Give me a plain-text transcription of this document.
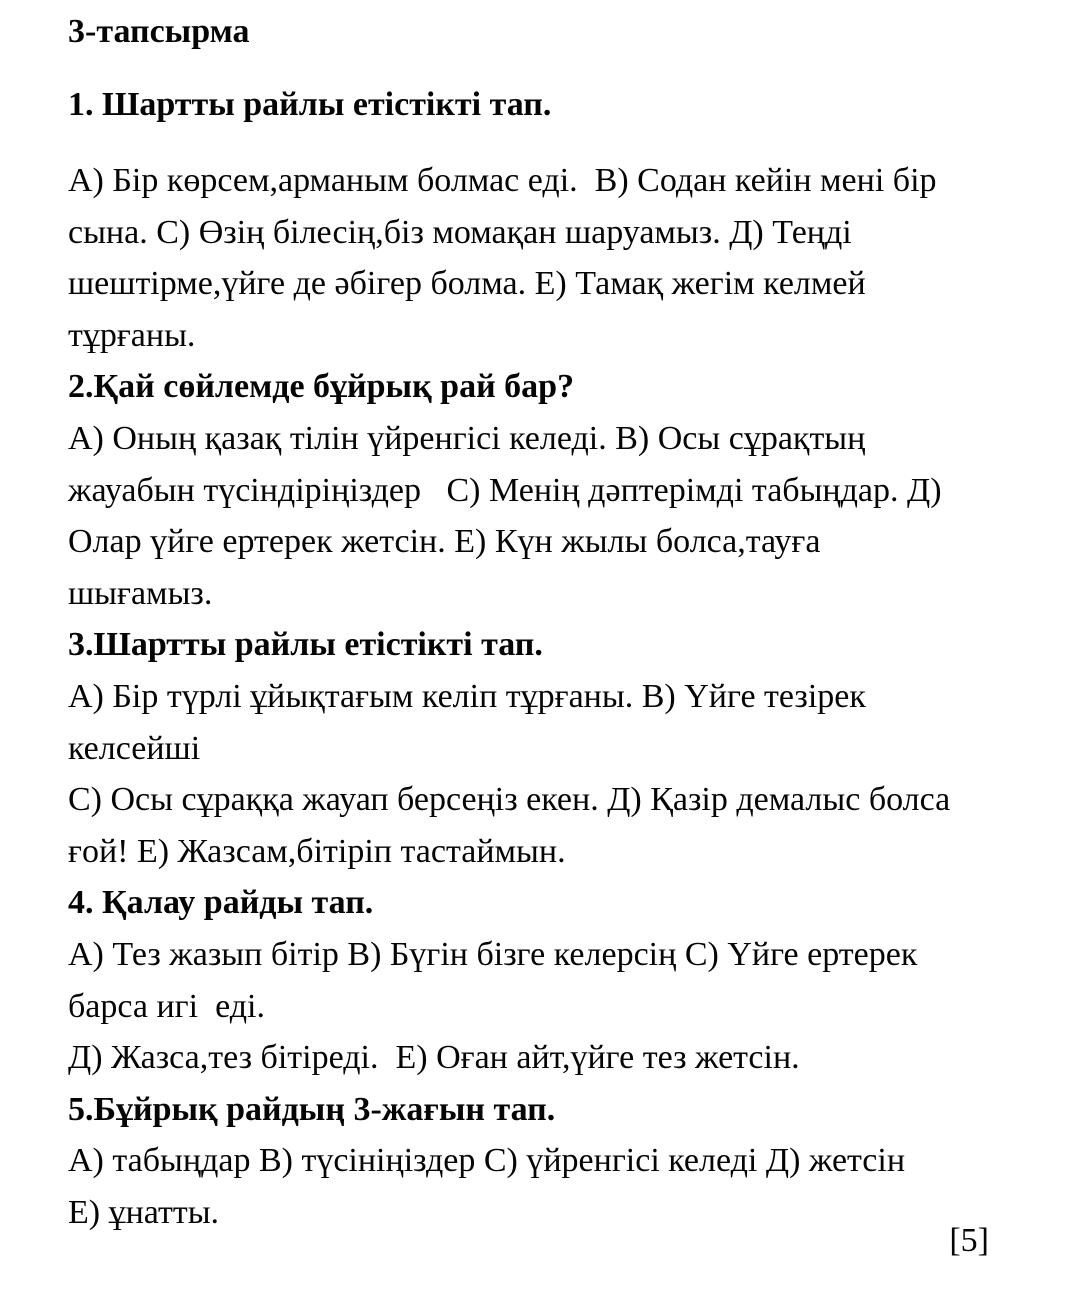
3-тапсырма
1. Шартты райлы етістікті тап.
А) Бір көрсем,арманым болмас еді.  В) Содан кейін мені бір
сына. С) Өзің білесің,біз момақан шаруамыз. Д) Теңді
шештірме,үйге де әбігер болма. Е) Тамақ жегім келмей
тұрғаны.
2.Қай сөйлемде бұйрық рай бар?
А) Оның қазақ тілін үйренгісі келеді. В) Осы сұрақтың
жауабын түсіндіріңіздер   С) Менің дәптерімді табыңдар. Д)
Олар үйге ертерек жетсін. Е) Күн жылы болса,тауға
шығамыз.
3.Шартты райлы етістікті тап.
А) Бір түрлі ұйықтағым келіп тұрғаны. В) Үйге тезірек
келсейші
С) Осы сұраққа жауап берсеңіз екен. Д) Қазір демалыс болса
ғой! Е) Жазсам,бітіріп тастаймын.
4. Қалау райды тап.
А) Тез жазып бітір В) Бүгін бізге келерсің С) Үйге ертерек
барса игі  еді.
Д) Жазса,тез бітіреді.  Е) Оған айт,үйге тез жетсін.
5.Бұйрық райдың 3-жағын тап.
А) табыңдар В) түсініңіздер С) үйренгісі келеді Д) жетсін
Е) ұнатты.
[5]
